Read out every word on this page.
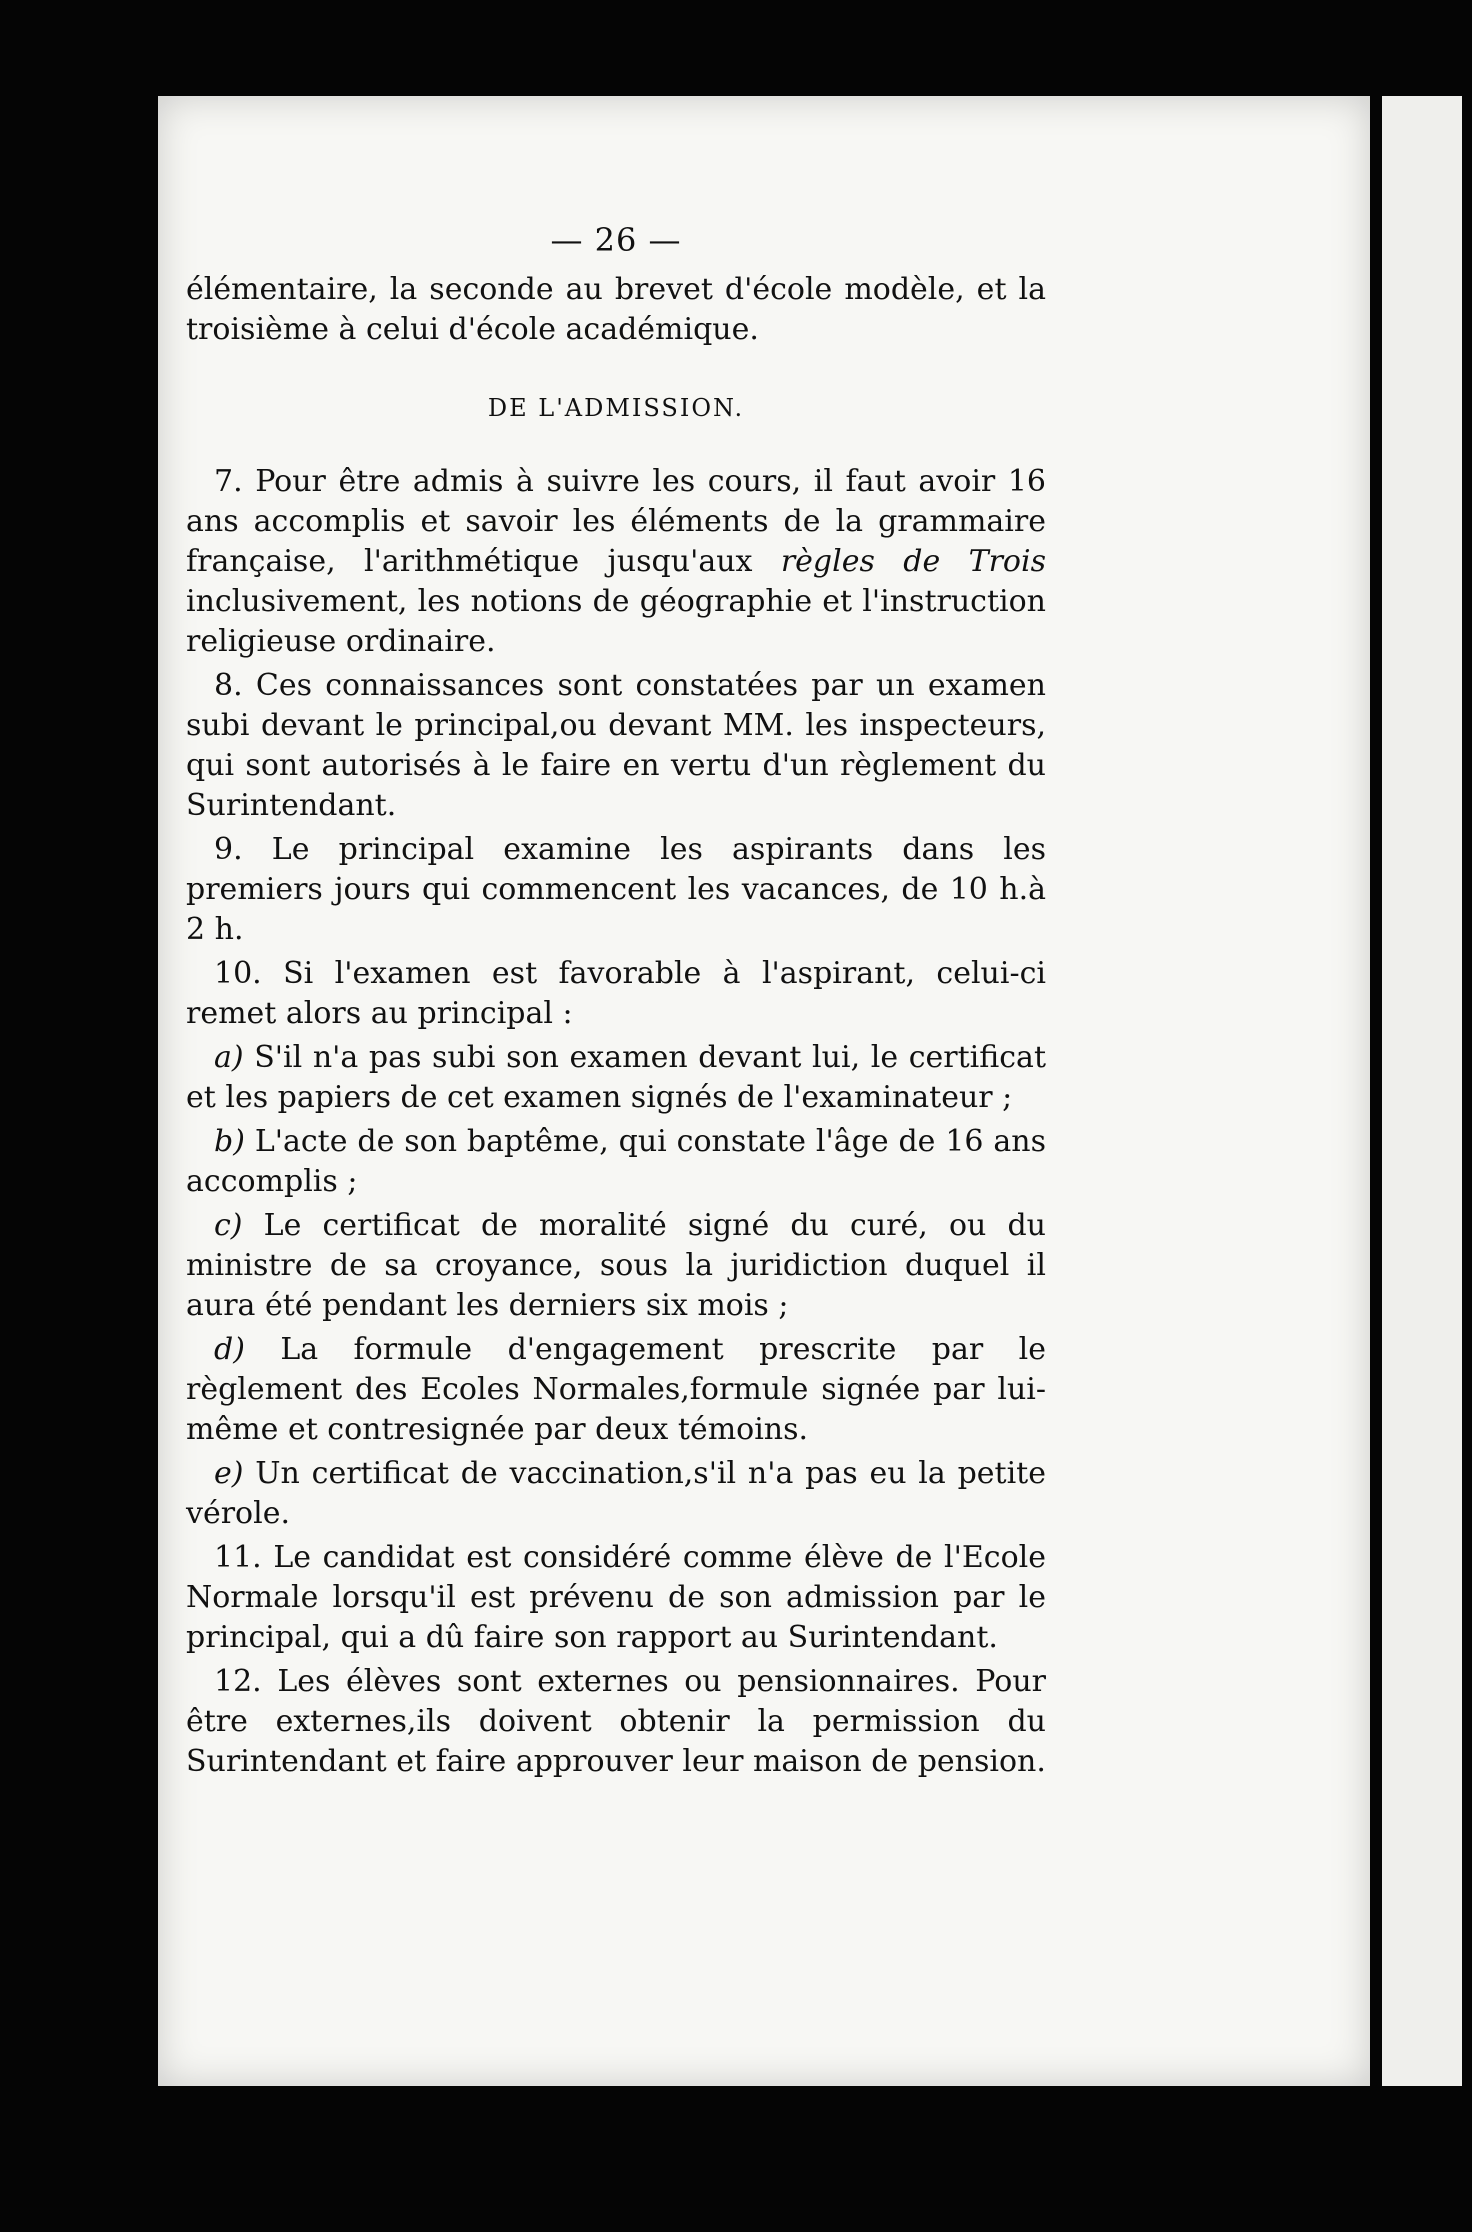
— 26 —

élémentaire, la seconde au brevet d'école modèle, et la troisième à celui d'école académique.

DE L'ADMISSION.

7. Pour être admis à suivre les cours, il faut avoir 16 ans accomplis et savoir les éléments de la grammaire française, l'arithmétique jusqu'aux règles de Trois inclusivement, les notions de géographie et l'instruction religieuse ordinaire.

8. Ces connaissances sont constatées par un examen subi devant le principal,ou devant MM. les inspecteurs, qui sont autorisés à le faire en vertu d'un règlement du Surintendant.

9. Le principal examine les aspirants dans les premiers jours qui commencent les vacances, de 10 h.à 2 h.

10. Si l'examen est favorable à l'aspirant, celui-ci remet alors au principal :

a) S'il n'a pas subi son examen devant lui, le certificat et les papiers de cet examen signés de l'examinateur ;

b) L'acte de son baptême, qui constate l'âge de 16 ans accomplis ;

c) Le certificat de moralité signé du curé, ou du ministre de sa croyance, sous la juridiction duquel il aura été pendant les derniers six mois ;

d) La formule d'engagement prescrite par le règlement des Ecoles Normales,formule signée par lui-même et contresignée par deux témoins.

e) Un certificat de vaccination,s'il n'a pas eu la petite vérole.

11. Le candidat est considéré comme élève de l'Ecole Normale lorsqu'il est prévenu de son admission par le principal, qui a dû faire son rapport au Surintendant.

12. Les élèves sont externes ou pensionnaires. Pour être externes,ils doivent obtenir la permission du Surintendant et faire approuver leur maison de pension.
